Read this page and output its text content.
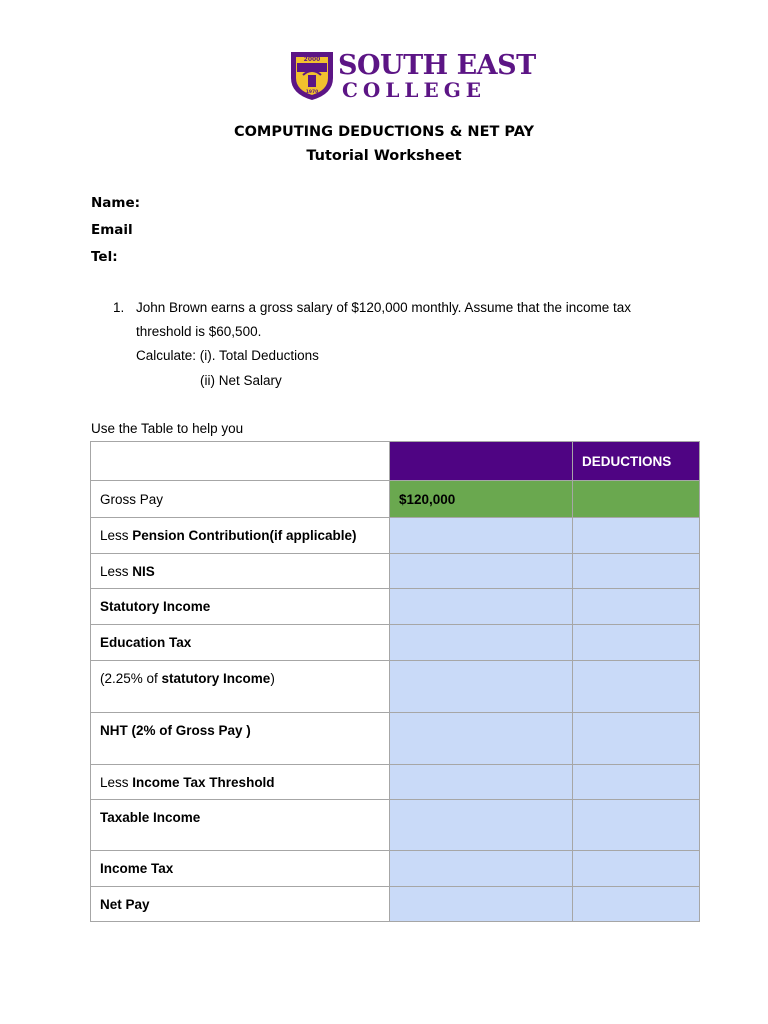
2000
1970
SOUTH EAST
COLLEGE
COMPUTING DEDUCTIONS & NET PAY
Tutorial Worksheet
Name:
Email
Tel:
1. John Brown earns a gross salary of $120,000 monthly. Assume that the income tax
threshold is $60,500.
Calculate: (i). Total Deductions
(ii) Net Salary
Use the Table to help you
		DEDUCTIONS
Gross Pay	$120,000	
Less Pension Contribution(if applicable)		
Less NIS		
Statutory Income		
Education Tax		
(2.25% of statutory Income)		
NHT (2% of Gross Pay )		
Less Income Tax Threshold		
Taxable Income		
Income Tax		
Net Pay		
